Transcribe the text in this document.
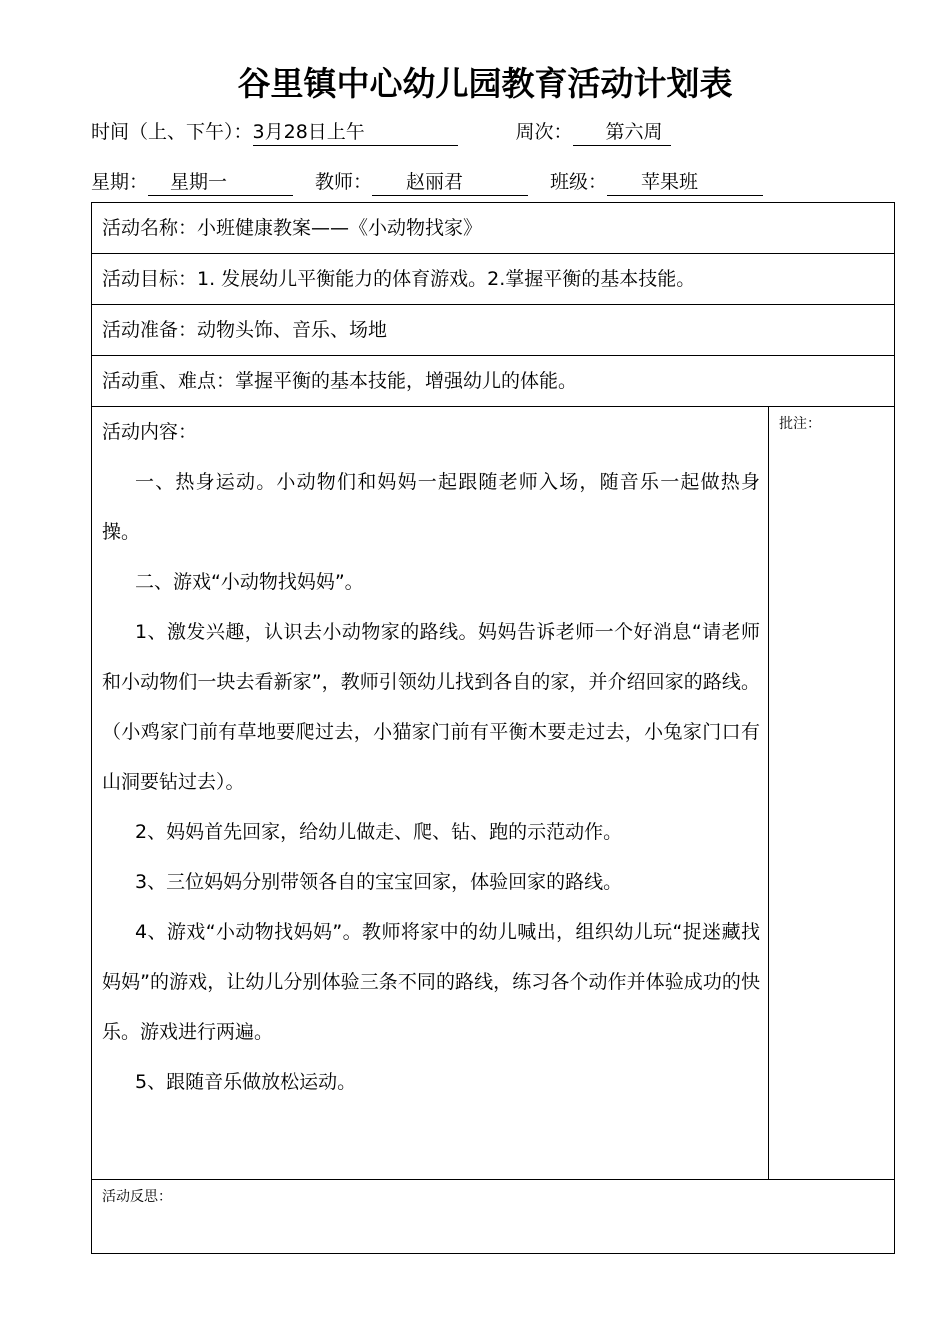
谷里镇中心幼儿园教育活动计划表
时间（上、下午）：3月28日上午	周次： 第六周
星期： 星期一	教师： 赵丽君	班级： 苹果班
活动名称：小班健康教案——《小动物找家》
活动目标：1. 发展幼儿平衡能力的体育游戏。2.掌握平衡的基本技能。
活动准备：动物头饰、音乐、场地
活动重、难点：掌握平衡的基本技能，增强幼儿的体能。

活动内容：

一、热身运动。小动物们和妈妈一起跟随老师入场，随音乐一起做热身操。

二、游戏“小动物找妈妈”。

1、激发兴趣，认识去小动物家的路线。妈妈告诉老师一个好消息“请老师和小动物们一块去看新家”，教师引领幼儿找到各自的家，并介绍回家的路线。（小鸡家门前有草地要爬过去，小猫家门前有平衡木要走过去，小兔家门口有山洞要钻过去）。

2、妈妈首先回家，给幼儿做走、爬、钻、跑的示范动作。

3、三位妈妈分别带领各自的宝宝回家，体验回家的路线。

4、游戏“小动物找妈妈”。教师将家中的幼儿喊出，组织幼儿玩“捉迷藏找妈妈”的游戏，让幼儿分别体验三条不同的路线，练习各个动作并体验成功的快乐。游戏进行两遍。

5、跟随音乐做放松运动。

批注：
活动反思：
